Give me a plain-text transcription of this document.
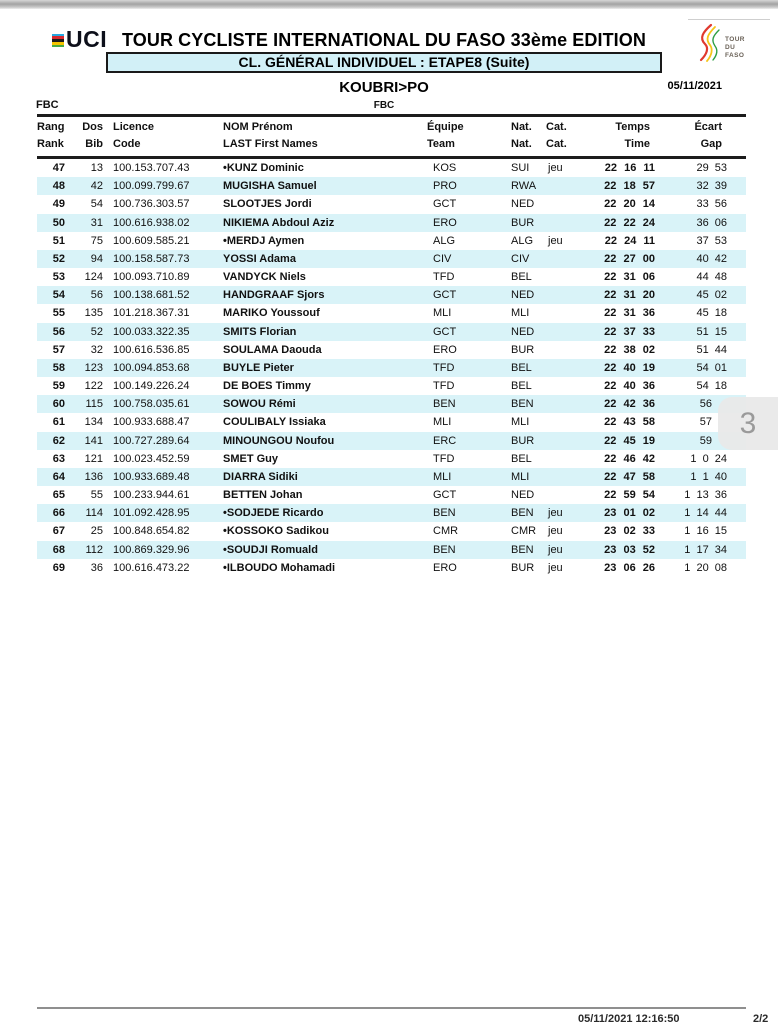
UCI TOUR CYCLISTE INTERNATIONAL DU FASO 33ème EDITION
CL. GÉNÉRAL INDIVIDUEL : ETAPE8 (Suite)
TOUR
DU
FASO
KOUBRI>PO	05/11/2021
FBC	FBC
Rang	Dos Licence	NOM Prénom	Équipe	Nat.	Cat.	Temps	Écart
Rank	Bib Code	LAST First Names	Team	Nat.	Cat.	Time	Gap
47	13 100.153.707.43	•KUNZ Dominic	KOS	SUI	jeu	22 16 11	29 53
48	42 100.099.799.67	MUGISHA Samuel	PRO	RWA	22 18 57	32 39
49	54 100.736.303.57	SLOOTJES Jordi	GCT	NED	22 20 14	33 56
50	31 100.616.938.02	NIKIEMA Abdoul Aziz	ERO	BUR	22 22 24	36 06
51	75 100.609.585.21	•MERDJ Aymen	ALG	ALG	jeu	22 24 11	37 53
52	94 100.158.587.73	YOSSI Adama	CIV	CIV	22 27 00	40 42
53	124 100.093.710.89	VANDYCK Niels	TFD	BEL	22 31 06	44 48
54	56 100.138.681.52	HANDGRAAF Sjors	GCT	NED	22 31 20	45 02
55	135 101.218.367.31	MARIKO Youssouf	MLI	MLI	22 31 36	45 18
56	52 100.033.322.35	SMITS Florian	GCT	NED	22 37 33	51 15
57	32 100.616.536.85	SOULAMA Daouda	ERO	BUR	22 38 02	51 44
58	123 100.094.853.68	BUYLE Pieter	TFD	BEL	22 40 19	54 01
59	122 100.149.226.24	DE BOES Timmy	TFD	BEL	22 40 36	54 18
60	115 100.758.035.61	SOWOU Rémi	BEN	BEN	22 42 36	56
61	134 100.933.688.47	COULIBALY Issiaka	MLI	MLI	22 43 58	57
62	141 100.727.289.64	MINOUNGOU Noufou	ERC	BUR	22 45 19	59
63	121 100.023.452.59	SMET Guy	TFD	BEL	22 46 42	1 0 24
64	136 100.933.689.48	DIARRA Sidiki	MLI	MLI	22 47 58	1 1 40
65	55 100.233.944.61	BETTEN Johan	GCT	NED	22 59 54	1 13 36
66	114 101.092.428.95	•SODJEDE Ricardo	BEN	BEN	jeu	23 01 02	1 14 44
67	25 100.848.654.82	•KOSSOKO Sadikou	CMR	CMR	jeu	23 02 33	1 16 15
68	112 100.869.329.96	•SOUDJI Romuald	BEN	BEN	jeu	23 03 52	1 17 34
69	36 100.616.473.22	•ILBOUDO Mohamadi	ERO	BUR	jeu	23 06 26	1 20 08
3
05/11/2021 12:16:50	2/2
